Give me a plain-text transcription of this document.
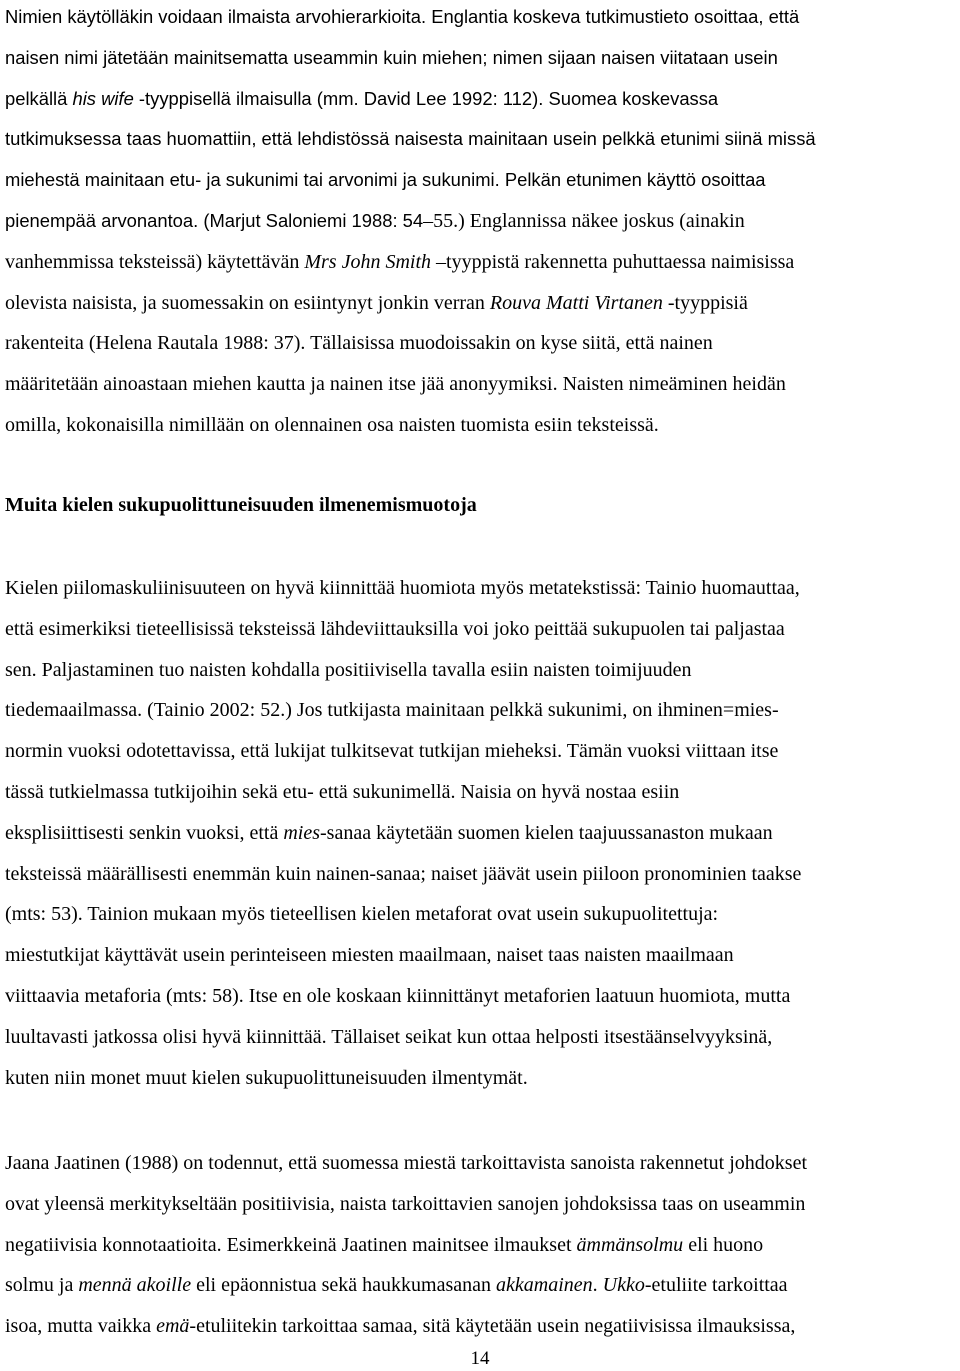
Nimien käytölläkin voidaan ilmaista arvohierarkioita. Englantia koskeva tutkimustieto osoittaa, että
naisen nimi jätetään mainitsematta useammin kuin miehen; nimen sijaan naisen viitataan usein
pelkällä his wife -tyyppisellä ilmaisulla (mm. David Lee 1992: 112). Suomea koskevassa
tutkimuksessa taas huomattiin, että lehdistössä naisesta mainitaan usein pelkkä etunimi siinä missä
miehestä mainitaan etu- ja sukunimi tai arvonimi ja sukunimi. Pelkän etunimen käyttö osoittaa
pienempää arvonantoa. (Marjut Saloniemi 1988: 54–55.) Englannissa näkee joskus (ainakin
vanhemmissa teksteissä) käytettävän Mrs John Smith –tyyppistä rakennetta puhuttaessa naimisissa
olevista naisista, ja suomessakin on esiintynyt jonkin verran Rouva Matti Virtanen -tyyppisiä
rakenteita (Helena Rautala 1988: 37). Tällaisissa muodoissakin on kyse siitä, että nainen
määritetään ainoastaan miehen kautta ja nainen itse jää anonyymiksi. Naisten nimeäminen heidän
omilla, kokonaisilla nimillään on olennainen osa naisten tuomista esiin teksteissä.

Muita kielen sukupuolittuneisuuden ilmenemismuotoja

Kielen piilomaskuliinisuuteen on hyvä kiinnittää huomiota myös metatekstissä: Tainio huomauttaa,
että esimerkiksi tieteellisissä teksteissä lähdeviittauksilla voi joko peittää sukupuolen tai paljastaa
sen. Paljastaminen tuo naisten kohdalla positiivisella tavalla esiin naisten toimijuuden
tiedemaailmassa. (Tainio 2002: 52.) Jos tutkijasta mainitaan pelkkä sukunimi, on ihminen=mies-
normin vuoksi odotettavissa, että lukijat tulkitsevat tutkijan mieheksi. Tämän vuoksi viittaan itse
tässä tutkielmassa tutkijoihin sekä etu- että sukunimellä. Naisia on hyvä nostaa esiin
eksplisiittisesti senkin vuoksi, että mies-sanaa käytetään suomen kielen taajuussanaston mukaan
teksteissä määrällisesti enemmän kuin nainen-sanaa; naiset jäävät usein piiloon pronominien taakse
(mts: 53). Tainion mukaan myös tieteellisen kielen metaforat ovat usein sukupuolitettuja:
miestutkijat käyttävät usein perinteiseen miesten maailmaan, naiset taas naisten maailmaan
viittaavia metaforia (mts: 58). Itse en ole koskaan kiinnittänyt metaforien laatuun huomiota, mutta
luultavasti jatkossa olisi hyvä kiinnittää. Tällaiset seikat kun ottaa helposti itsestäänselvyyksinä,
kuten niin monet muut kielen sukupuolittuneisuuden ilmentymät.

Jaana Jaatinen (1988) on todennut, että suomessa miestä tarkoittavista sanoista rakennetut johdokset
ovat yleensä merkitykseltään positiivisia, naista tarkoittavien sanojen johdoksissa taas on useammin
negatiivisia konnotaatioita. Esimerkkeinä Jaatinen mainitsee ilmaukset ämmänsolmu eli huono
solmu ja mennä akoille eli epäonnistua sekä haukkumasanan akkamainen. Ukko-etuliite tarkoittaa
isoa, mutta vaikka emä-etuliitekin tarkoittaa samaa, sitä käytetään usein negatiivisissa ilmauksissa,

14
